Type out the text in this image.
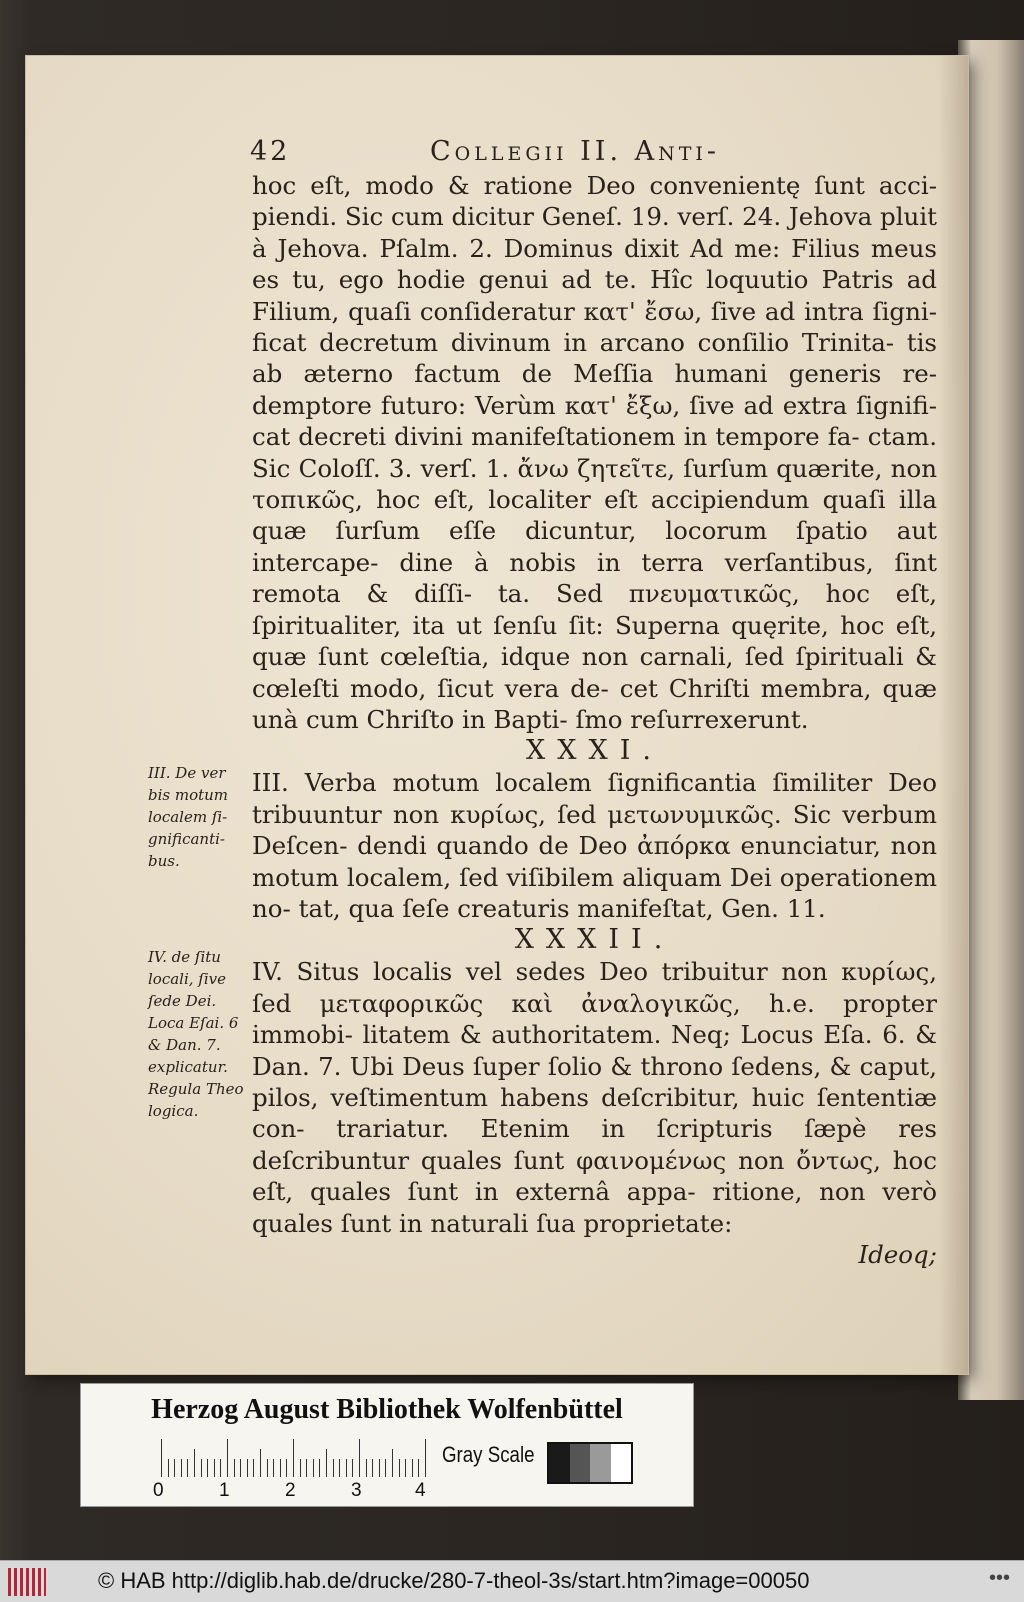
42	Collegii II. Anti-
III. De ver bis motum localem ſi- gnificanti- bus.
IV. de ſitu locali, ſive ſede Dei. Loca Eſai. 6 & Dan. 7. explicatur. Regula Theo logica.

hoc eſt, modo & ratione Deo convenientę ſunt acci- piendi. Sic cum dicitur Geneſ. 19. verſ. 24. Jehova pluit à Jehova. Pſalm. 2. Dominus dixit Ad me: Filius meus es tu, ego hodie genui ad te. Hîc loquutio Patris ad Filium, quaſi conſideratur κατ' ἔσω, ſive ad intra ſigni- ficat decretum divinum in arcano conſilio Trinita- tis ab æterno factum de Meſſia humani generis re- demptore futuro: Verùm κατ' ἔξω, ſive ad extra ſignifi- cat decreti divini manifeſtationem in tempore fa- ctam. Sic Coloſſ. 3. verſ. 1. ἄνω ζητεῖτε, ſurſum quærite, non τοπικῶς, hoc eſt, localiter eſt accipiendum quaſi illa quæ ſurſum eſſe dicuntur, locorum ſpatio aut intercape- dine à nobis in terra verſantibus, ſint remota & diſſi- ta. Sed πνευματικῶς, hoc eſt, ſpiritualiter, ita ut ſenſu ſit: Superna quęrite, hoc eſt, quæ ſunt cœleſtia, idque non carnali, ſed ſpirituali & cœleſti modo, ſicut vera de- cet Chriſti membra, quæ unà cum Chriſto in Bapti- ſmo reſurrexerunt.

XXXI.

III. Verba motum localem ſignificantia ſimiliter Deo tribuuntur non κυρίως, ſed μετωνυμικῶς. Sic verbum Deſcen- dendi quando de Deo ἀπόρκα enunciatur, non motum localem, ſed viſibilem aliquam Dei operationem no- tat, qua ſeſe creaturis manifeſtat, Gen. 11.

XXXII.

IV. Situs localis vel sedes Deo tribuitur non κυρίως, ſed μεταφορικῶς καὶ ἀναλογικῶς, h.e. propter immobi- litatem & authoritatem. Neq; Locus Eſa. 6. & Dan. 7. Ubi Deus ſuper ſolio & throno ſedens, & caput, pilos, veſtimentum habens deſcribitur, huic ſententiæ con- trariatur. Etenim in ſcripturis ſæpè res deſcribuntur quales ſunt φαινομένως non ὄντως, hoc eſt, quales ſunt in externâ appa- ritione, non verò quales ſunt in naturali ſua proprietate:

Ideoq;

Herzog August Bibliothek Wolfenbüttel
0	1	2	3	4
Gray Scale
© HAB http://diglib.hab.de/drucke/280-7-theol-3s/start.htm?image=00050	•••
